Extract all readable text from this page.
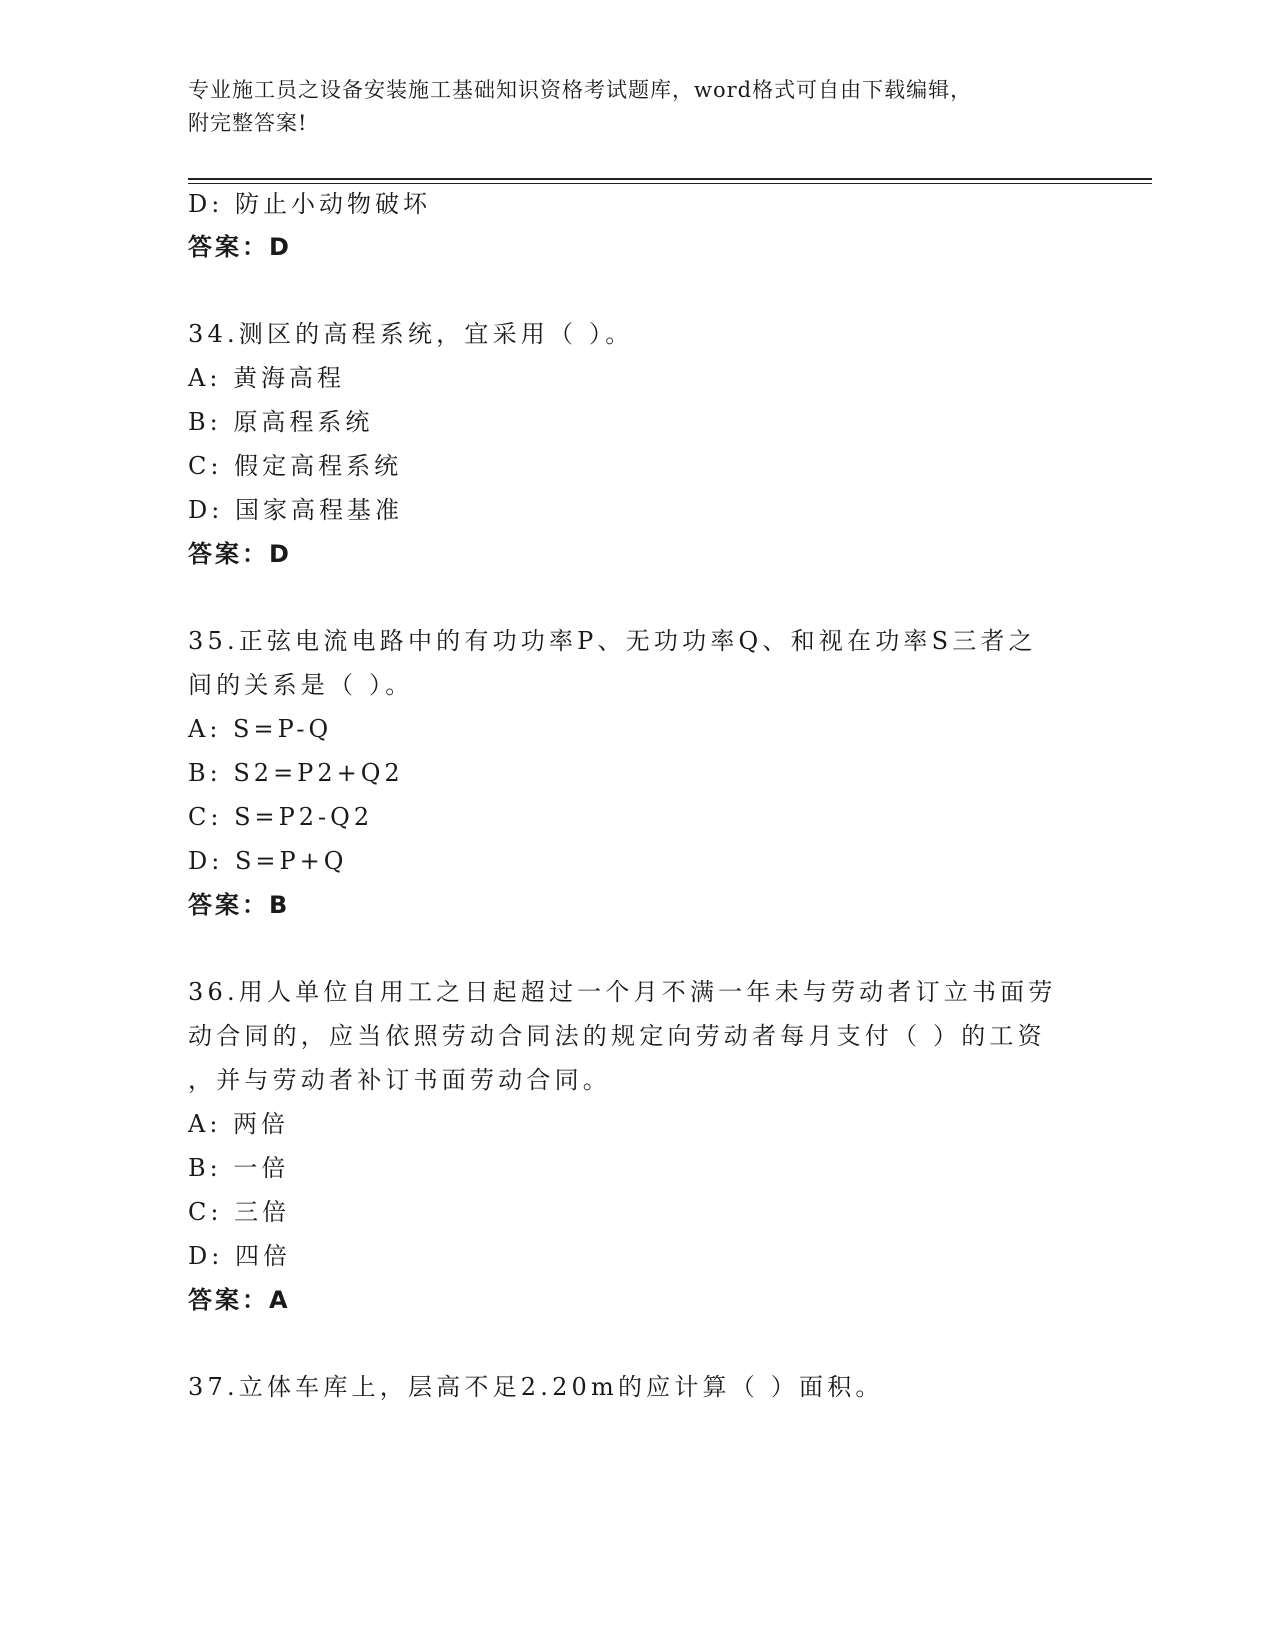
专业施工员之设备安装施工基础知识资格考试题库，word格式可自由下载编辑，
附完整答案!
D: 防止小动物破坏
答案：D
34.测区的高程系统，宜采用（ ）。
A: 黄海高程
B: 原高程系统
C: 假定高程系统
D: 国家高程基准
答案：D
35.正弦电流电路中的有功功率P、无功功率Q、和视在功率S三者之
间的关系是（ ）。
A: S=P-Q
B: S2=P2+Q2
C: S=P2-Q2
D: S=P+Q
答案：B
36.用人单位自用工之日起超过一个月不满一年未与劳动者订立书面劳
动合同的，应当依照劳动合同法的规定向劳动者每月支付（ ）的工资
，并与劳动者补订书面劳动合同。
A: 两倍
B: 一倍
C: 三倍
D: 四倍
答案：A
37.立体车库上，层高不足2.20m的应计算（ ）面积。
